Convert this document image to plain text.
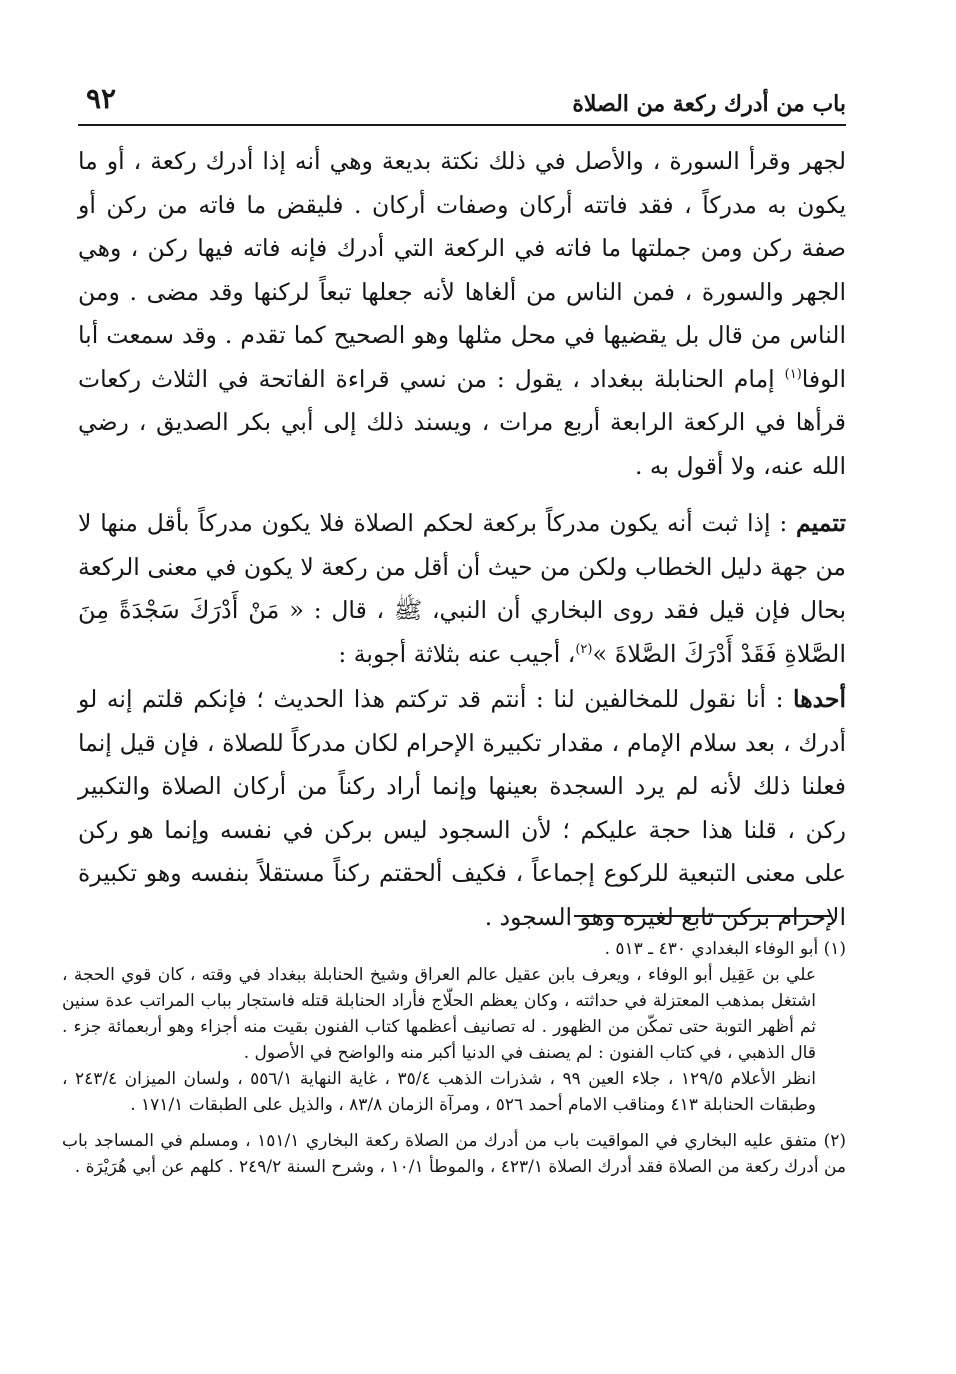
باب من أدرك ركعة من الصلاة
٩٢

لجهر وقرأ السورة ، والأصل في ذلك نكتة بديعة وهي أنه إذا أدرك ركعة ، أو ما يكون به مدركاً ، فقد فاتته أركان وصفات أركان . فليقض ما فاته من ركن أو صفة ركن ومن جملتها ما فاته في الركعة التي أدرك فإنه فاته فيها ركن ، وهي الجهر والسورة ، فمن الناس من ألغاها لأنه جعلها تبعاً لركنها وقد مضى . ومن الناس من قال بل يقضيها في محل مثلها وهو الصحيح كما تقدم . وقد سمعت أبا الوفا$^{(١)}$ إمام الحنابلة ببغداد ، يقول : من نسي قراءة الفاتحة في الثلاث ركعات قرأها في الركعة الرابعة أربع مرات ، ويسند ذلك إلى أبي بكر الصديق ، رضي الله عنه، ولا أقول به .

تتميم : إذا ثبت أنه يكون مدركاً بركعة لحكم الصلاة فلا يكون مدركاً بأقل منها لا من جهة دليل الخطاب ولكن من حيث أن أقل من ركعة لا يكون في معنى الركعة بحال فإن قيل فقد روى البخاري أن النبي، ﷺ ، قال : « مَنْ أَدْرَكَ سَجْدَةً مِنَ الصَّلاةِ فَقَدْ أَدْرَكَ الصَّلاةَ »$^{(٢)}$، أجيب عنه بثلاثة أجوبة :

أحدها : أنا نقول للمخالفين لنا : أنتم قد تركتم هذا الحديث ؛ فإنكم قلتم إنه لو أدرك ، بعد سلام الإمام ، مقدار تكبيرة الإحرام لكان مدركاً للصلاة ، فإن قيل إنما فعلنا ذلك لأنه لم يرد السجدة بعينها وإنما أراد ركناً من أركان الصلاة والتكبير ركن ، قلنا هذا حجة عليكم ؛ لأن السجود ليس بركن في نفسه وإنما هو ركن على معنى التبعية للركوع إجماعاً ، فكيف ألحقتم ركناً مستقلاً بنفسه وهو تكبيرة الإحرام بركن تابع لغيره وهو السجود .

(١) أبو الوفاء البغدادي ٤٣٠ ـ ٥١٣ .

علي بن عَقِيل أبو الوفاء ، ويعرف بابن عقيل عالم العراق وشيخ الحنابلة ببغداد في وقته ، كان قوي الحجة ، اشتغل بمذهب المعتزلة في حداثته ، وكان يعظم الحلّاج فأراد الحنابلة قتله فاستجار بباب المراتب عدة سنين ثم أظهر التوبة حتى تمكّن من الظهور . له تصانيف أعظمها كتاب الفنون بقيت منه أجزاء وهو أربعمائة جزء . قال الذهبي ، في كتاب الفنون : لم يصنف في الدنيا أكبر منه والواضح في الأصول .

انظر الأعلام ١٢٩/٥ ، جلاء العين ٩٩ ، شذرات الذهب ٣٥/٤ ، غاية النهاية ٥٥٦/١ ، ولسان الميزان ٢٤٣/٤ ، وطبقات الحنابلة ٤١٣ ومناقب الامام أحمد ٥٢٦ ، ومرآة الزمان ٨٣/٨ ، والذيل على الطبقات ١٧١/١ .

(٢) متفق عليه البخاري في المواقيت باب من أدرك من الصلاة ركعة البخاري ١٥١/١ ، ومسلم في المساجد باب من أدرك ركعة من الصلاة فقد أدرك الصلاة ٤٢٣/١ ، والموطأ ١٠/١ ، وشرح السنة ٢٤٩/٢ . كلهم عن أبي هُرَيْرَة .
